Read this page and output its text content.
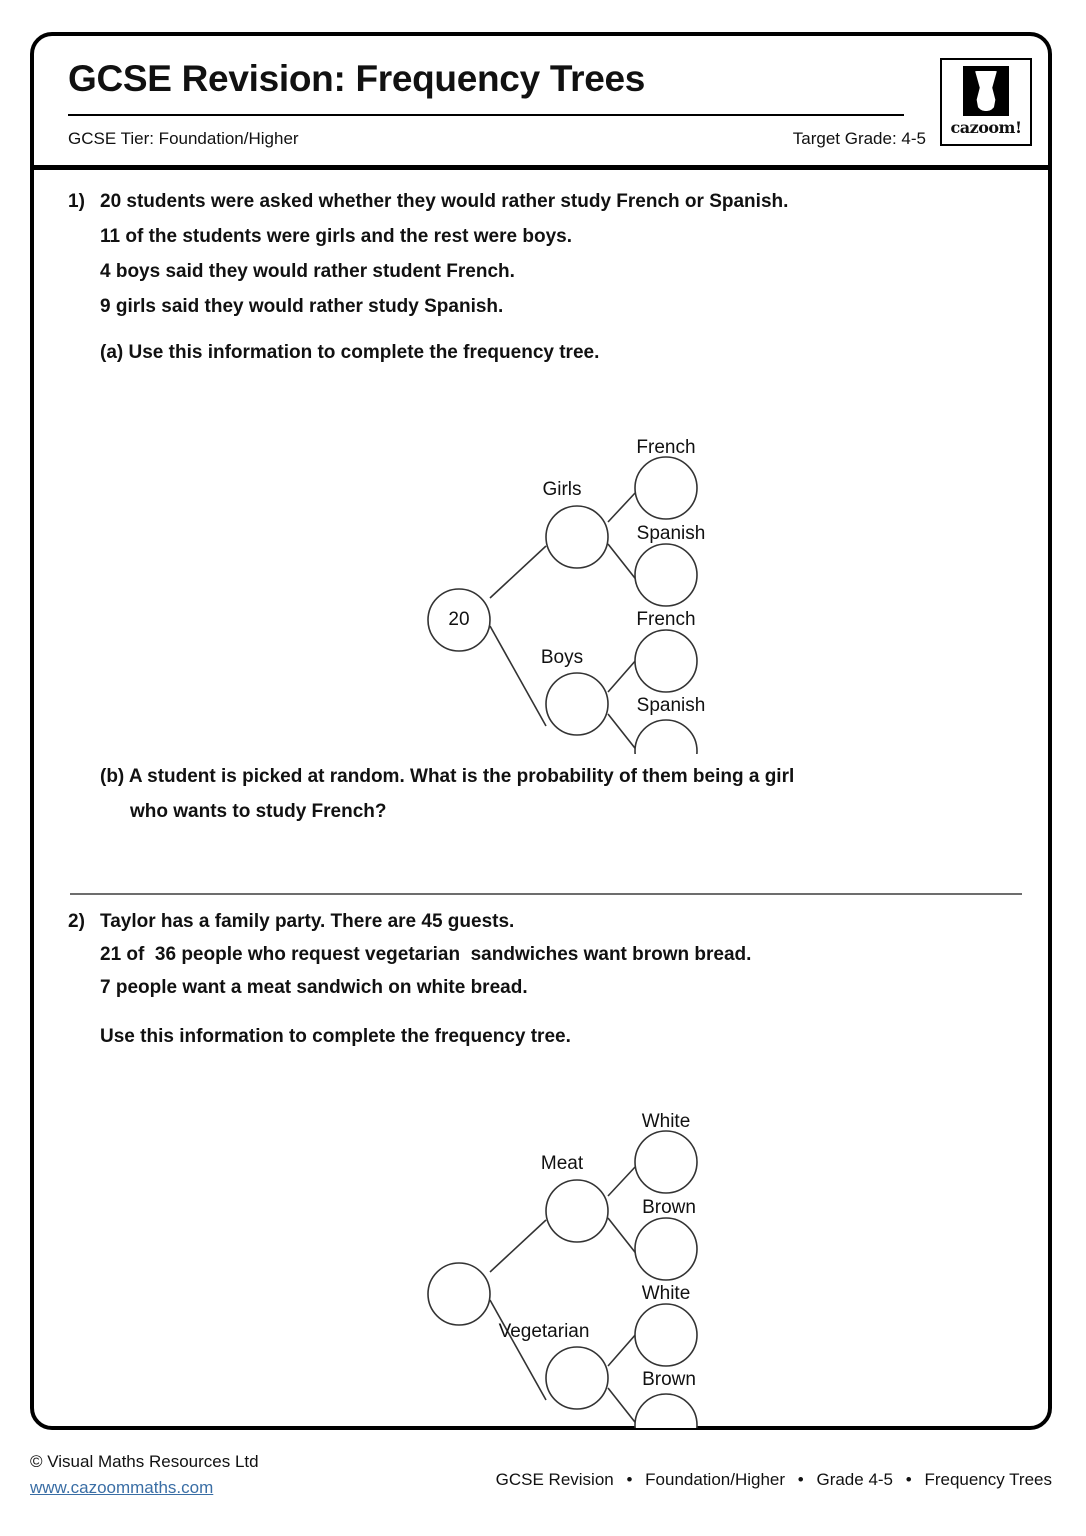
GCSE Revision: Frequency Trees
GCSE Tier: Foundation/Higher	Target Grade: 4-5
cazoom!
1) 20 students were asked whether they would rather study French or Spanish.
11 of the students were girls and the rest were boys.
4 boys said they would rather student French.
9 girls said they would rather study Spanish.
(a) Use this information to complete the frequency tree.
20
Girls
Boys
French
Spanish
French
Spanish
(b) A student is picked at random. What is the probability of them being a girl
who wants to study French?
2) Taylor has a family party. There are 45 guests.
21 of  36 people who request vegetarian  sandwiches want brown bread.
7 people want a meat sandwich on white bread.
Use this information to complete the frequency tree.
Meat
Vegetarian
White
Brown
White
Brown
© Visual Maths Resources Ltd
www.cazoommaths.com	GCSE Revision • Foundation/Higher • Grade 4-5 • Frequency Trees
